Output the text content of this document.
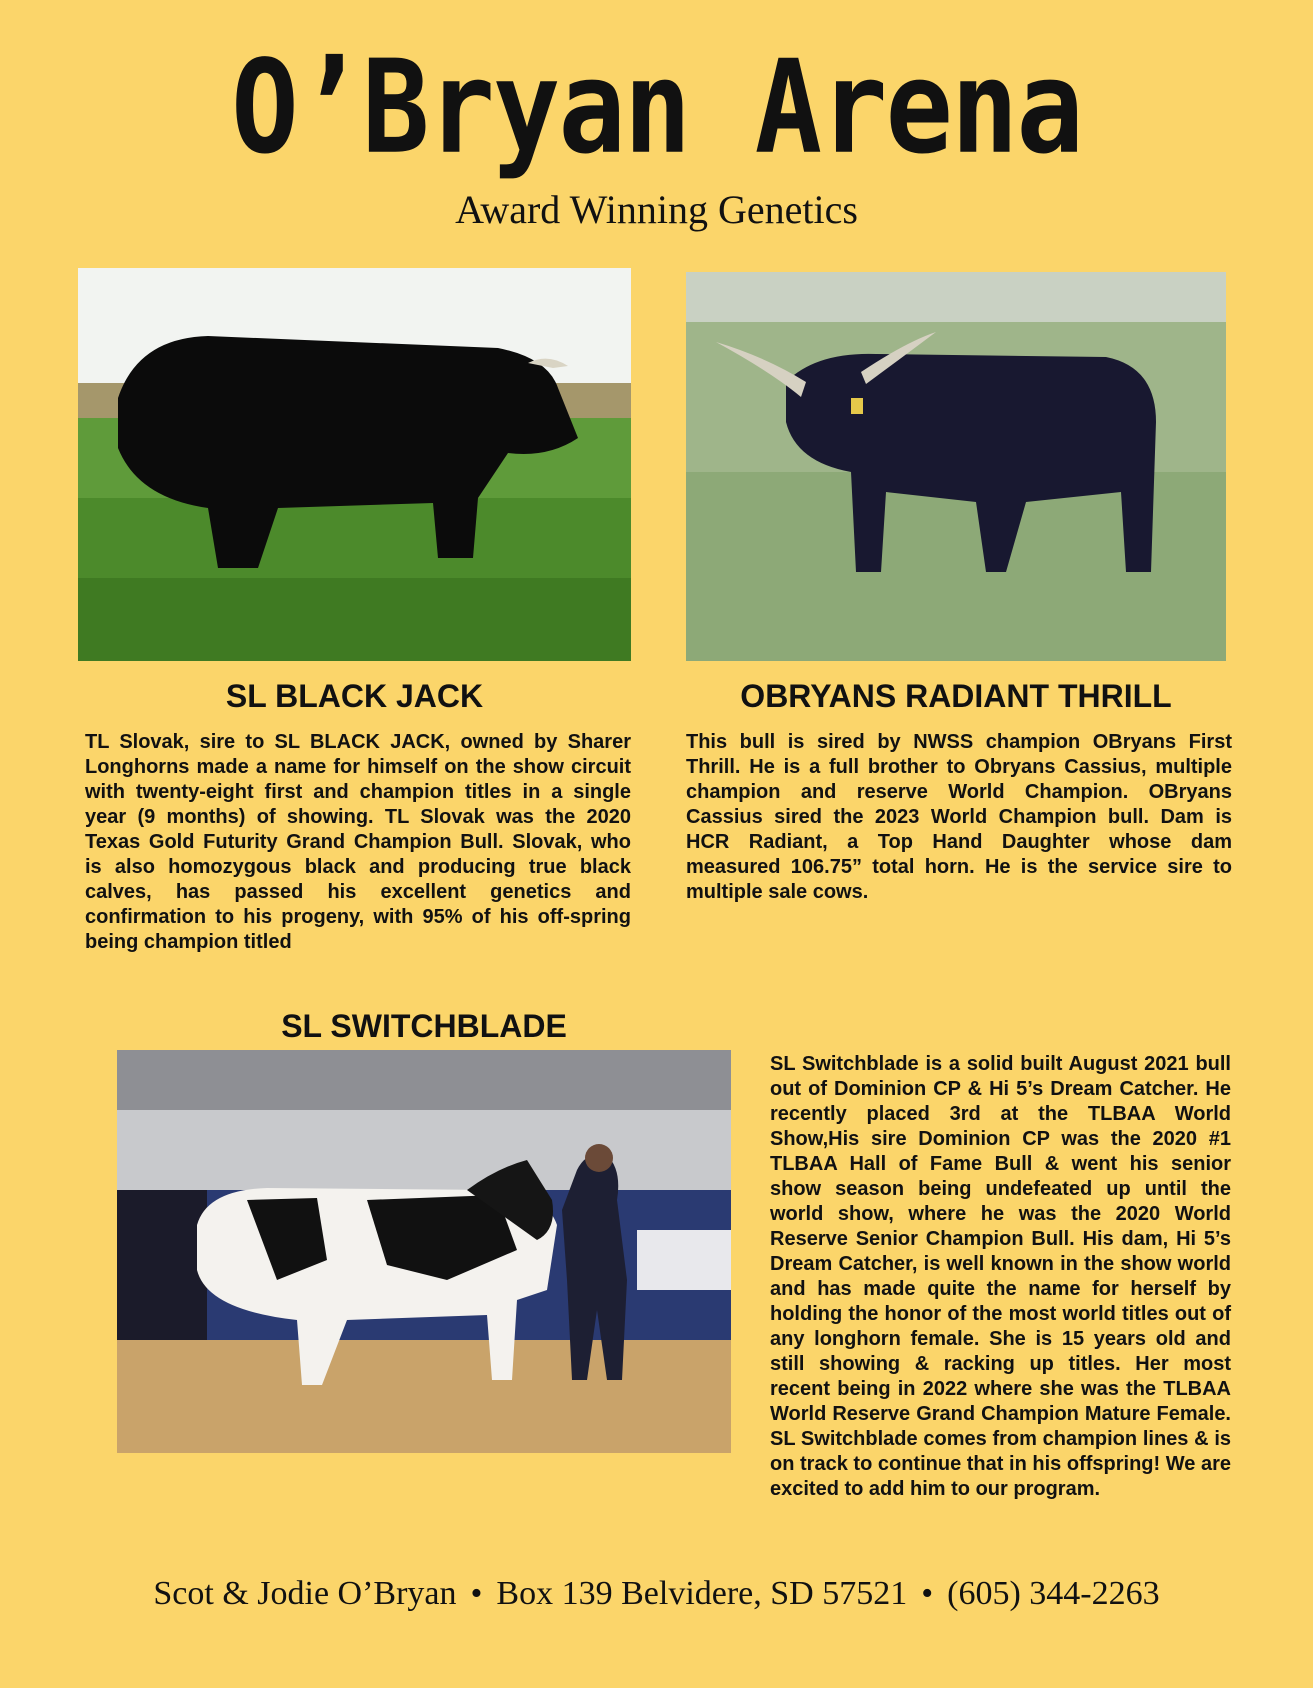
O’Bryan Arena
Award Winning Genetics
SL BLACK JACK
TL Slovak, sire to SL BLACK JACK, owned by Sharer Longhorns made a name for himself on the show circuit with twenty-eight first and champion titles in a single year (9 months) of showing. TL Slovak was the 2020 Texas Gold Futurity Grand Champion Bull. Slovak, who is also homozygous black and producing true black calves, has passed his excellent genetics and confirmation to his progeny, with 95% of his off-spring being champion titled
OBRYANS RADIANT THRILL
This bull is sired by NWSS champion OBryans First Thrill. He is a full brother to Obryans Cassius, multiple champion and reserve World Champion. OBryans Cassius sired the 2023 World Champion bull. Dam is HCR Radiant, a Top Hand Daughter whose dam measured 106.75” total horn. He is the service sire to multiple sale cows.
SL SWITCHBLADE
SL Switchblade is a solid built August 2021 bull out of Dominion CP & Hi 5’s Dream Catcher. He recently placed 3rd at the TLBAA World Show,His sire Dominion CP was the 2020 #1 TLBAA Hall of Fame Bull & went his senior show season being undefeated up until the world show, where he was the 2020 World Reserve Senior Champion Bull. His dam, Hi 5’s Dream Catcher, is well known in the show world and has made quite the name for herself by holding the honor of the most world titles out of any longhorn female. She is 15 years old and still showing & racking up titles. Her most recent being in 2022 where she was the TLBAA World Reserve Grand Champion Mature Female. SL Switchblade comes from champion lines & is on track to continue that in his offspring! We are excited to add him to our program.
Scot & Jodie O’Bryan • Box 139 Belvidere, SD 57521 • (605) 344-2263
